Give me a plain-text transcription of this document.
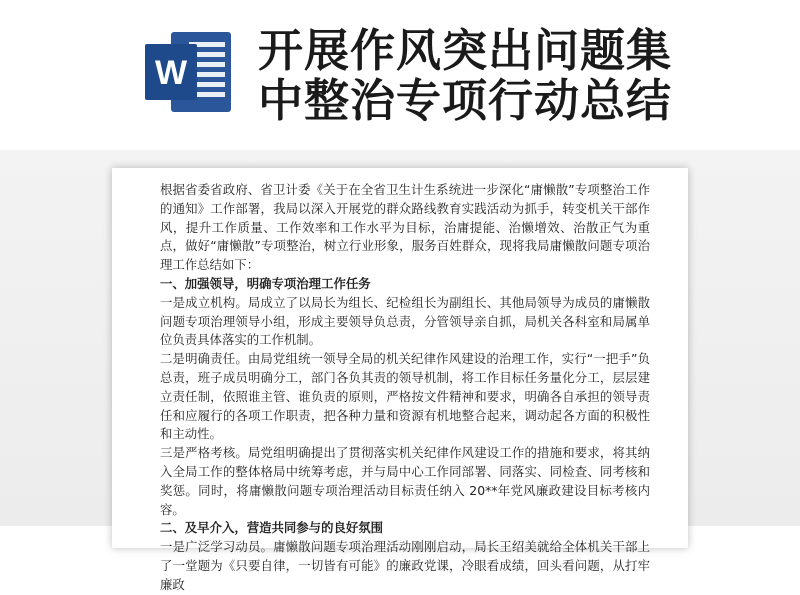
W 开展作风突出问题集
中整治专项行动总结

根据省委省政府、省卫计委《关于在全省卫生计生系统进一步深化“庸懒散”专项整治工作的通知》工作部署，我局以深入开展党的群众路线教育实践活动为抓手，转变机关干部作风，提升工作质量、工作效率和工作水平为目标，治庸提能、治懒增效、治散正气为重点，做好“庸懒散”专项整治，树立行业形象，服务百姓群众，现将我局庸懒散问题专项治理工作总结如下：

一、加强领导，明确专项治理工作任务

一是成立机构。局成立了以局长为组长、纪检组长为副组长、其他局领导为成员的庸懒散问题专项治理领导小组，形成主要领导负总责，分管领导亲自抓，局机关各科室和局属单位负责具体落实的工作机制。

二是明确责任。由局党组统一领导全局的机关纪律作风建设的治理工作，实行“一把手”负总责，班子成员明确分工，部门各负其责的领导机制，将工作目标任务量化分工，层层建立责任制，依照谁主管、谁负责的原则，严格按文件精神和要求，明确各自承担的领导责任和应履行的各项工作职责，把各种力量和资源有机地整合起来，调动起各方面的积极性和主动性。

三是严格考核。局党组明确提出了贯彻落实机关纪律作风建设工作的措施和要求，将其纳入全局工作的整体格局中统筹考虑，并与局中心工作同部署、同落实、同检查、同考核和奖惩。同时，将庸懒散问题专项治理活动目标责任纳入 20**年党风廉政建设目标考核内容。

二、及早介入，营造共同参与的良好氛围

一是广泛学习动员。庸懒散问题专项治理活动刚刚启动，局长王绍美就给全体机关干部上了一堂题为《只要自律，一切皆有可能》的廉政党课，冷眼看成绩，回头看问题，从打牢廉政
